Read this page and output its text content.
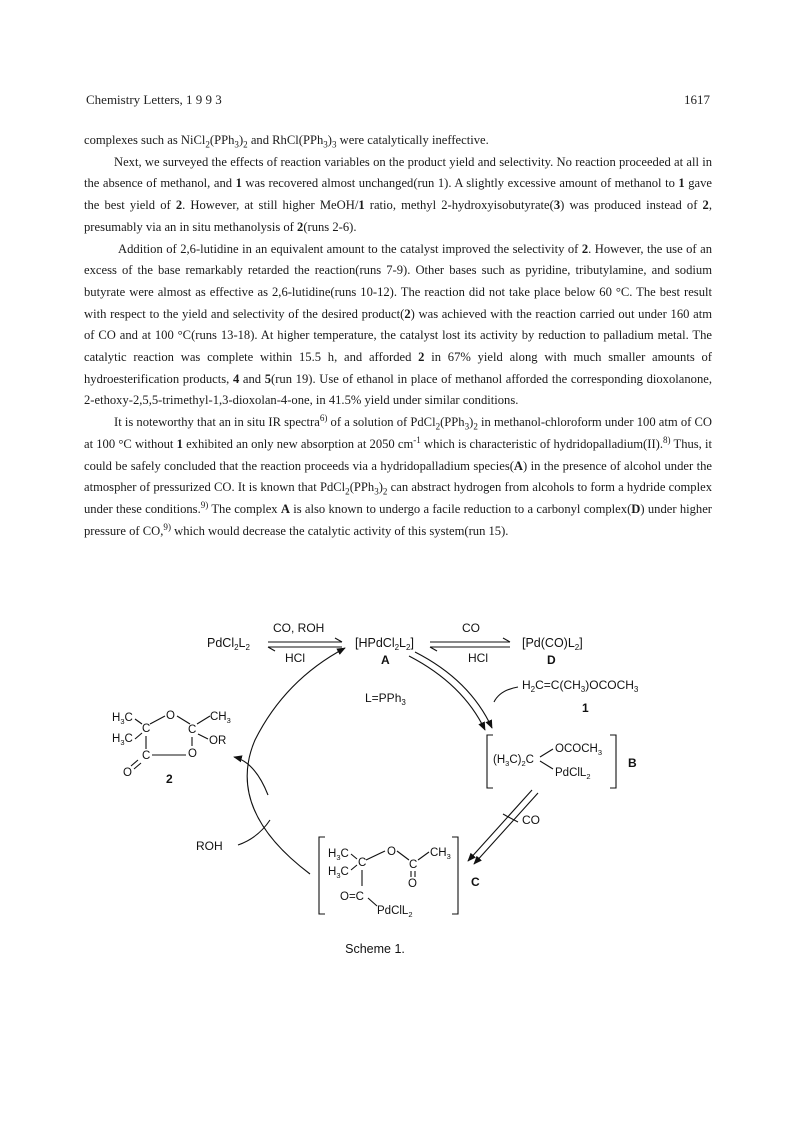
Chemistry Letters, 1 9 9 3	1617

complexes such as $NiCl_2(PPh_3)_2$ and $RhCl(PPh_3)_3$ were catalytically ineffective.

Next, we surveyed the effects of reaction variables on the product yield and selectivity. No reaction proceeded at all in the absence of methanol, and 1 was recovered almost unchanged(run 1). A slightly excessive amount of methanol to 1 gave the best yield of 2. However, at still higher MeOH/1 ratio, methyl 2-hydroxyisobutyrate(3) was produced instead of 2, presumably via an in situ methanolysis of 2(runs 2-6).

Addition of 2,6-lutidine in an equivalent amount to the catalyst improved the selectivity of 2. However, the use of an excess of the base remarkably retarded the reaction(runs 7-9). Other bases such as pyridine, tributylamine, and sodium butyrate were almost as effective as 2,6-lutidine(runs 10-12). The reaction did not take place below 60 °C. The best result with respect to the yield and selectivity of the desired product(2) was achieved with the reaction carried out under 160 atm of CO and at 100 °C(runs 13-18). At higher temperature, the catalyst lost its activity by reduction to palladium metal. The catalytic reaction was complete within 15.5 h, and afforded 2 in 67% yield along with much smaller amounts of hydroesterification products, 4 and 5(run 19). Use of ethanol in place of methanol afforded the corresponding dioxolanone, 2-ethoxy-2,5,5-trimethyl-1,3-dioxolan-4-one, in 41.5% yield under similar conditions.

It is noteworthy that an in situ IR spectra$^{6)}$ of a solution of $PdCl_2(PPh_3)_2$ in methanol-chloroform under 100 atm of CO at 100 °C without 1 exhibited an only new absorption at 2050 $cm^{-1}$ which is characteristic of hydridopalladium(II).$^{8)}$ Thus, it could be safely concluded that the reaction proceeds via a hydridopalladium species(A) in the presence of alcohol under the atmospher of pressurized CO. It is known that $PdCl_2(PPh_3)_2$ can abstract hydrogen from alcohols to form a hydride complex under these conditions.$^{9)}$ The complex A is also known to undergo a facile reduction to a carbonyl complex(D) under higher pressure of CO,$^{9)}$ which would decrease the catalytic activity of this system(run 15).

$PdCl_2L_2$
CO, ROH
HCl
$[HPdCl_2L_2]$
A
CO
HCl
$[Pd(CO)L_2]$
D
L=PPh$_3$
$H_2C=C(CH_3)OCOCH_3$
1
$OCOCH_3$
$(H_3C)_2C$
PdClL$_2$
B
CO
$H_3C$
$H_3C$
C
O
C
$CH_3$
O
O=C
PdClL$_2$
C
ROH
$H_3C$
$H_3C$
C
O
C
$CH_3$
OR
O
C
O	2
Scheme 1.
